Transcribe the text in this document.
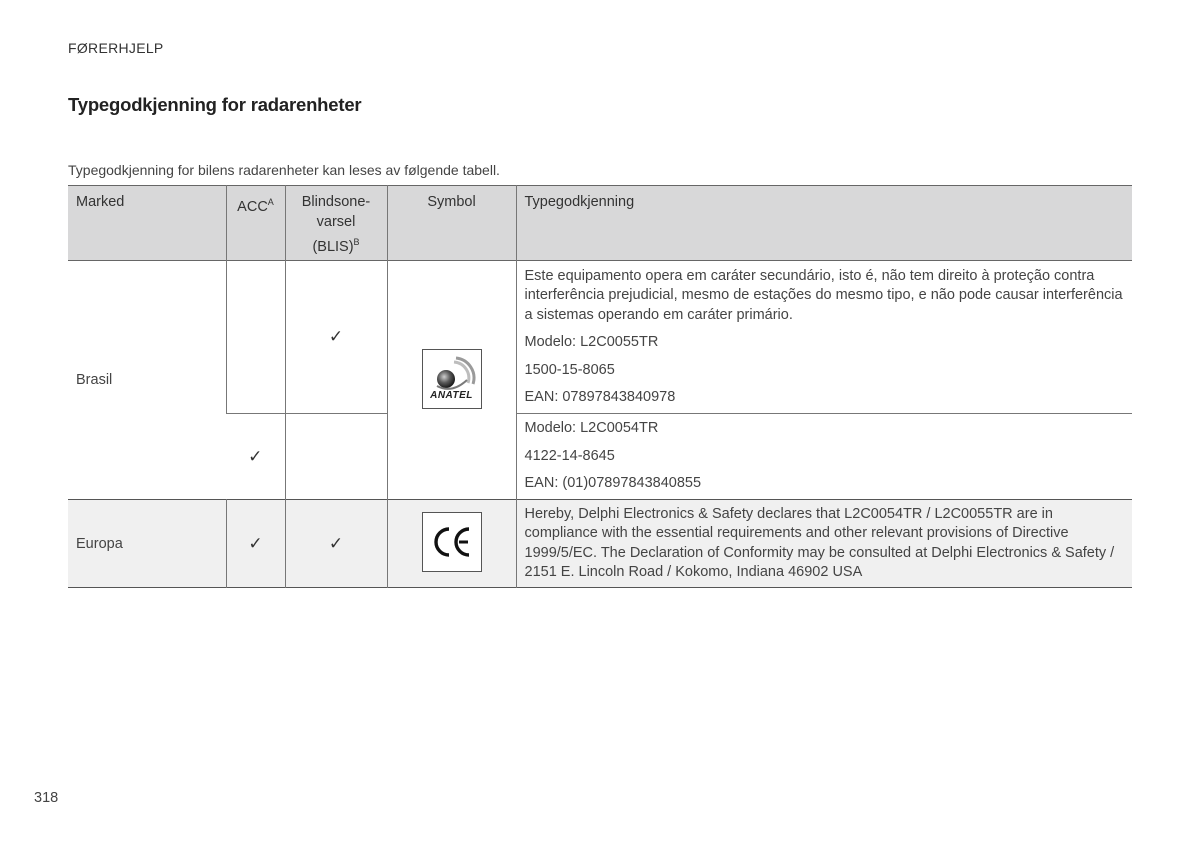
FØRERHJELP
Typegodkjenning for radarenheter
Typegodkjenning for bilens radarenheter kan leses av følgende tabell.
Marked	$ACC^A$	Blindsone-
varsel
(BLIS)$^B$	Symbol	Typegodkjenning
Brasil		✓	ANATEL	Este equipamento opera em caráter secundário, isto é, não tem direito à proteção contra interferência prejudicial, mesmo de estações do mesmo tipo, e não pode causar interferência a sistemas operando em caráter primário.

Modelo: L2C0055TR

1500-15-8065

EAN: 07897843840978

	✓			Modelo: L2C0054TR

4122-14-8645

EAN: (01)07897843840855

Europa	✓	✓		Hereby, Delphi Electronics & Safety declares that L2C0054TR / L2C0055TR are in compliance with the essential requirements and other relevant provisions of Directive 1999/5/EC. The Declaration of Conformity may be consulted at Delphi Electronics & Safety / 2151 E. Lincoln Road / Kokomo, Indiana 46902 USA
318
